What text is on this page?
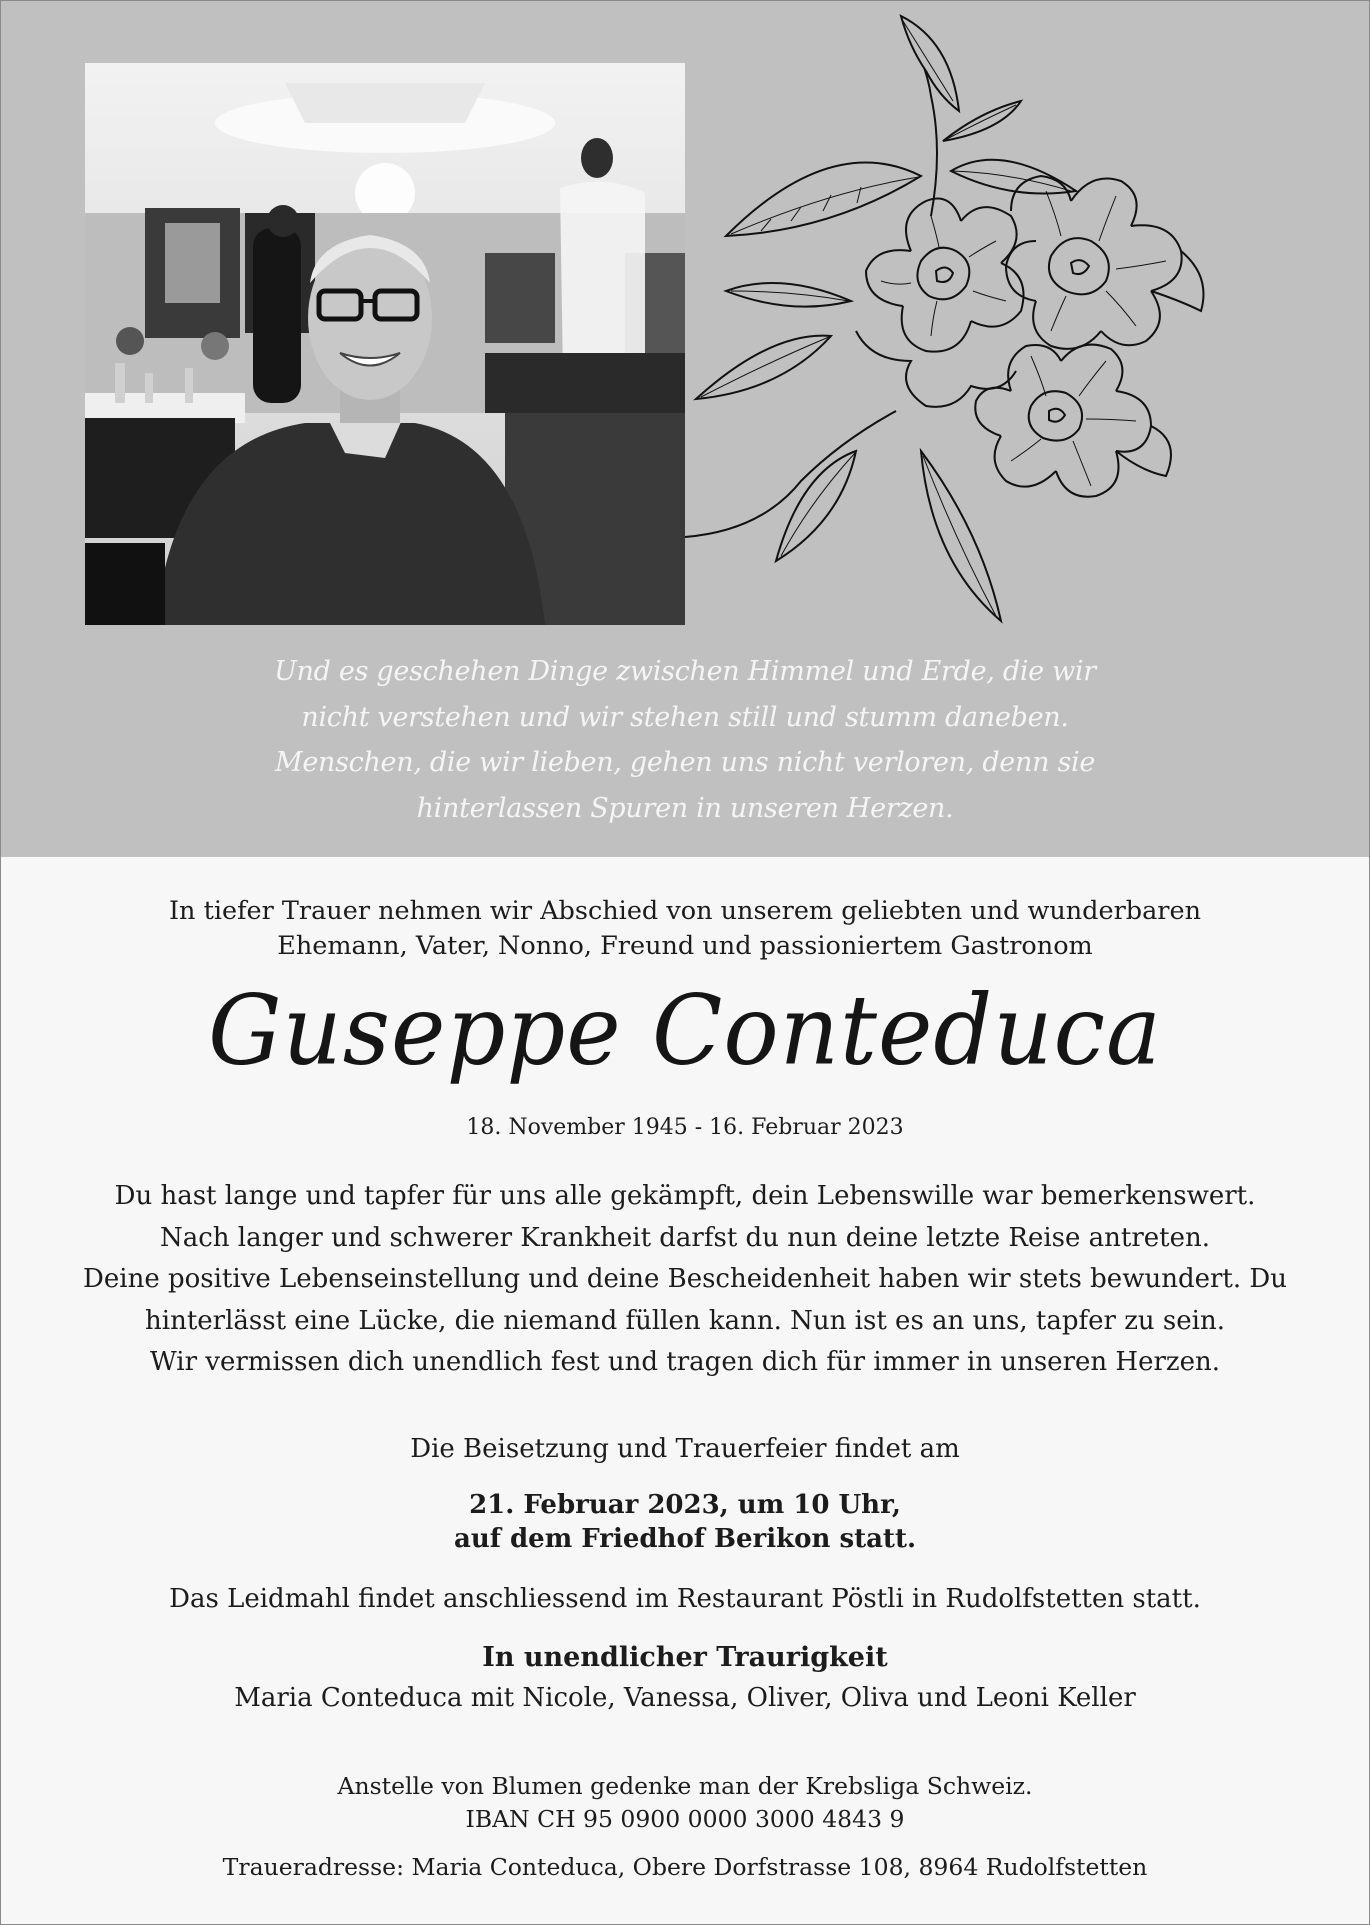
Und es geschehen Dinge zwischen Himmel und Erde, die wir
nicht verstehen und wir stehen still und stumm daneben.
Menschen, die wir lieben, gehen uns nicht verloren, denn sie
hinterlassen Spuren in unseren Herzen.
In tiefer Trauer nehmen wir Abschied von unserem geliebten und wunderbaren
Ehemann, Vater, Nonno, Freund und passioniertem Gastronom
Guseppe Conteduca
18. November 1945 - 16. Februar 2023
Du hast lange und tapfer für uns alle gekämpft, dein Lebenswille war bemerkenswert.
Nach langer und schwerer Krankheit darfst du nun deine letzte Reise antreten.
Deine positive Lebenseinstellung und deine Bescheidenheit haben wir stets bewundert. Du
hinterlässt eine Lücke, die niemand füllen kann. Nun ist es an uns, tapfer zu sein.
Wir vermissen dich unendlich fest und tragen dich für immer in unseren Herzen.
Die Beisetzung und Trauerfeier findet am
21. Februar 2023, um 10 Uhr,
auf dem Friedhof Berikon statt.
Das Leidmahl findet anschliessend im Restaurant Pöstli in Rudolfstetten statt.
In unendlicher Traurigkeit
Maria Conteduca mit Nicole, Vanessa, Oliver, Oliva und Leoni Keller
Anstelle von Blumen gedenke man der Krebsliga Schweiz.
IBAN CH 95 0900 0000 3000 4843 9
Traueradresse: Maria Conteduca, Obere Dorfstrasse 108, 8964 Rudolfstetten
